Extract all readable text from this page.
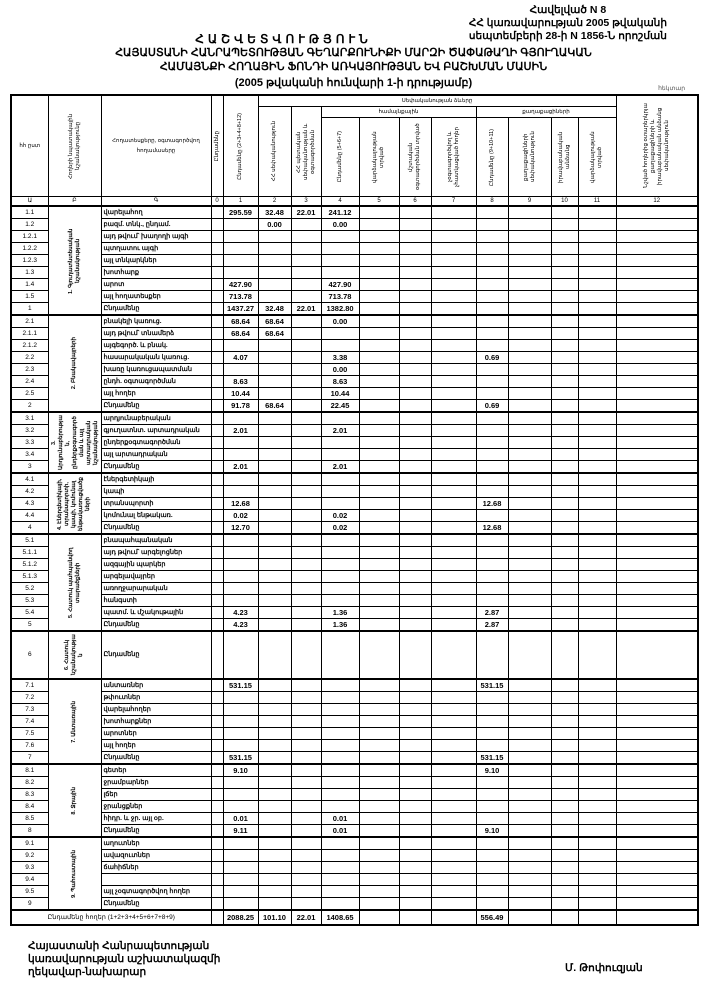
Հավելված N 8
ՀՀ կառավարության 2005 թվականի
սեպտեմբերի 28-ի N 1856-Ն որոշման
ՀԱՇՎԵՏՎՈՒԹՅՈՒՆ
ՀԱՅԱՍՏԱՆԻ ՀԱՆՐԱՊԵՏՈՒԹՅԱՆ ԳԵՂԱՐՔՈՒՆԻՔԻ ՄԱՐԶԻ ԾԱՓԱԹԱՂԻ ԳՅՈՒՂԱԿԱՆ
ՀԱՄԱՅՆՔԻ ՀՈՂԱՅԻՆ ՖՈՆԴԻ ԱՌԿԱՅՈՒԹՅԱՆ ԵՎ ԲԱՇԽՄԱՆ ՄԱՍԻՆ
(2005 թվականի հունվարի 1-ի դրությամբ)	հեկտար
հհ ըստ	Հողերի նպատակային նշանակությունը	Հողատեսքերը, օգտագործվող հողամասերը	Ընդամենը	Ընդամենը (2+3+4+8+12)	Սեփականության ձևերը										Նշված հողերից օտարերկրյա քաղաքացիների և իրավաբանական անձանց սեփականություն

					ՀՀ սեփականություն	ՀՀ պետական սեփականության և օգտագործման	համայնքային				քաղաքացիների				

							Ընդամենը (5+6+7)	վարձակալության տրված	մշտական օգտագործման տրված	չօգտագործվող և չհատկացված հողեր	Ընդամենը (9+10+11)	քաղաքացիների սեփականություն	իրավաբանական անձանց	վարձակալության տրված	

Ա	Բ	Գ	0	1	2	3	4	5	6	7	8	9	10	11	12
1.1	1. Գյուղատնտեսական նշանակության	վարելահող		295.59	32.48	22.01	241.12								
1.2		բազմ. տնկ., ընդամ.			0.00		0.00								
1.2.1		այդ թվում՝ խաղողի այգի													
1.2.2		պտղատու այգի													
1.2.3		այլ տնկարկներ													
1.3		խոտհարք													
1.4		արոտ		427.90			427.90								
1.5		այլ հողատեսքեր		713.78			713.78								
1		Ընդամենը		1437.27	32.48	22.01	1382.80								
2.1	2. Բնակավայրերի	բնակելի կառուց.		68.64	68.64		0.00								
2.1.1		այդ թվում՝ տնամերձ		68.64	68.64										
2.1.2		այգեգործ. և բնակ.													
2.2		հասարակական կառուց.		4.07			3.38				0.69				
2.3		խառը կառուցապատման					0.00								
2.4		ընդհ. օգտագործման		8.63			8.63								
2.5		այլ հողեր		10.44			10.44								
2		Ընդամենը		91.78	68.64		22.45				0.69				
3.1	3. Արդյունաբերության, ընդերքօգտագործման և այլ արտադրական նշանակության	արդյունաբերական													
3.2		գյուղատնտ. արտադրական		2.01			2.01								
3.3		ընդերքօգտագործման													
3.4		այլ արտադրական													
3		Ընդամենը		2.01			2.01								
4.1	4. Էներգետիկայի, տրանսպորտի, կապի, կոմունալ ենթակառուցվածքների	էներգետիկայի													
4.2		կապի													
4.3		տրանսպորտի		12.68							12.68				
4.4		կոմունալ ենթակառ.		0.02			0.02								
4		Ընդամենը		12.70			0.02				12.68				
5.1	5. Հատուկ պահպանվող տարածքների	բնապահպանական													
5.1.1		այդ թվում՝ արգելոցներ													
5.1.2		ազգային պարկեր													
5.1.3		արգելավայրեր													
5.2		առողջարարական													
5.3		հանգստի													
5.4		պատմ. և մշակութային		4.23			1.36				2.87				
5		Ընդամենը		4.23			1.36				2.87				
6	6. Հատուկ նշանակության	Ընդամենը													
7.1	7. Անտառային	անտառներ		531.15							531.15				
7.2		թփուտներ													
7.3		վարելահողեր													
7.4		խոտհարքներ													
7.5		արոտներ													
7.6		այլ հողեր													
7		Ընդամենը		531.15							531.15				
8.1	8. Ջրային	գետեր		9.10							9.10				
8.2		ջրամբարներ													
8.3		լճեր													
8.4		ջրանցքներ													
8.5		հիդր. և ջր. այլ օբ.		0.01			0.01								
8		Ընդամենը		9.11			0.01				9.10				
9.1	9. Պահուստային	աղուտներ													
9.2		ավազուտներ													
9.3		ճահիճներ													
9.4															
9.5		այլ չօգտագործվող հողեր													
9		Ընդամենը													
Ընդամենը հողեր (1+2+3+4+5+6+7+8+9)				2088.25	101.10	22.01	1408.65				556.49				
Հայաստանի Հանրապետության
կառավարության աշխատակազմի
ղեկավար-նախարար	Մ. Թոփուզյան
